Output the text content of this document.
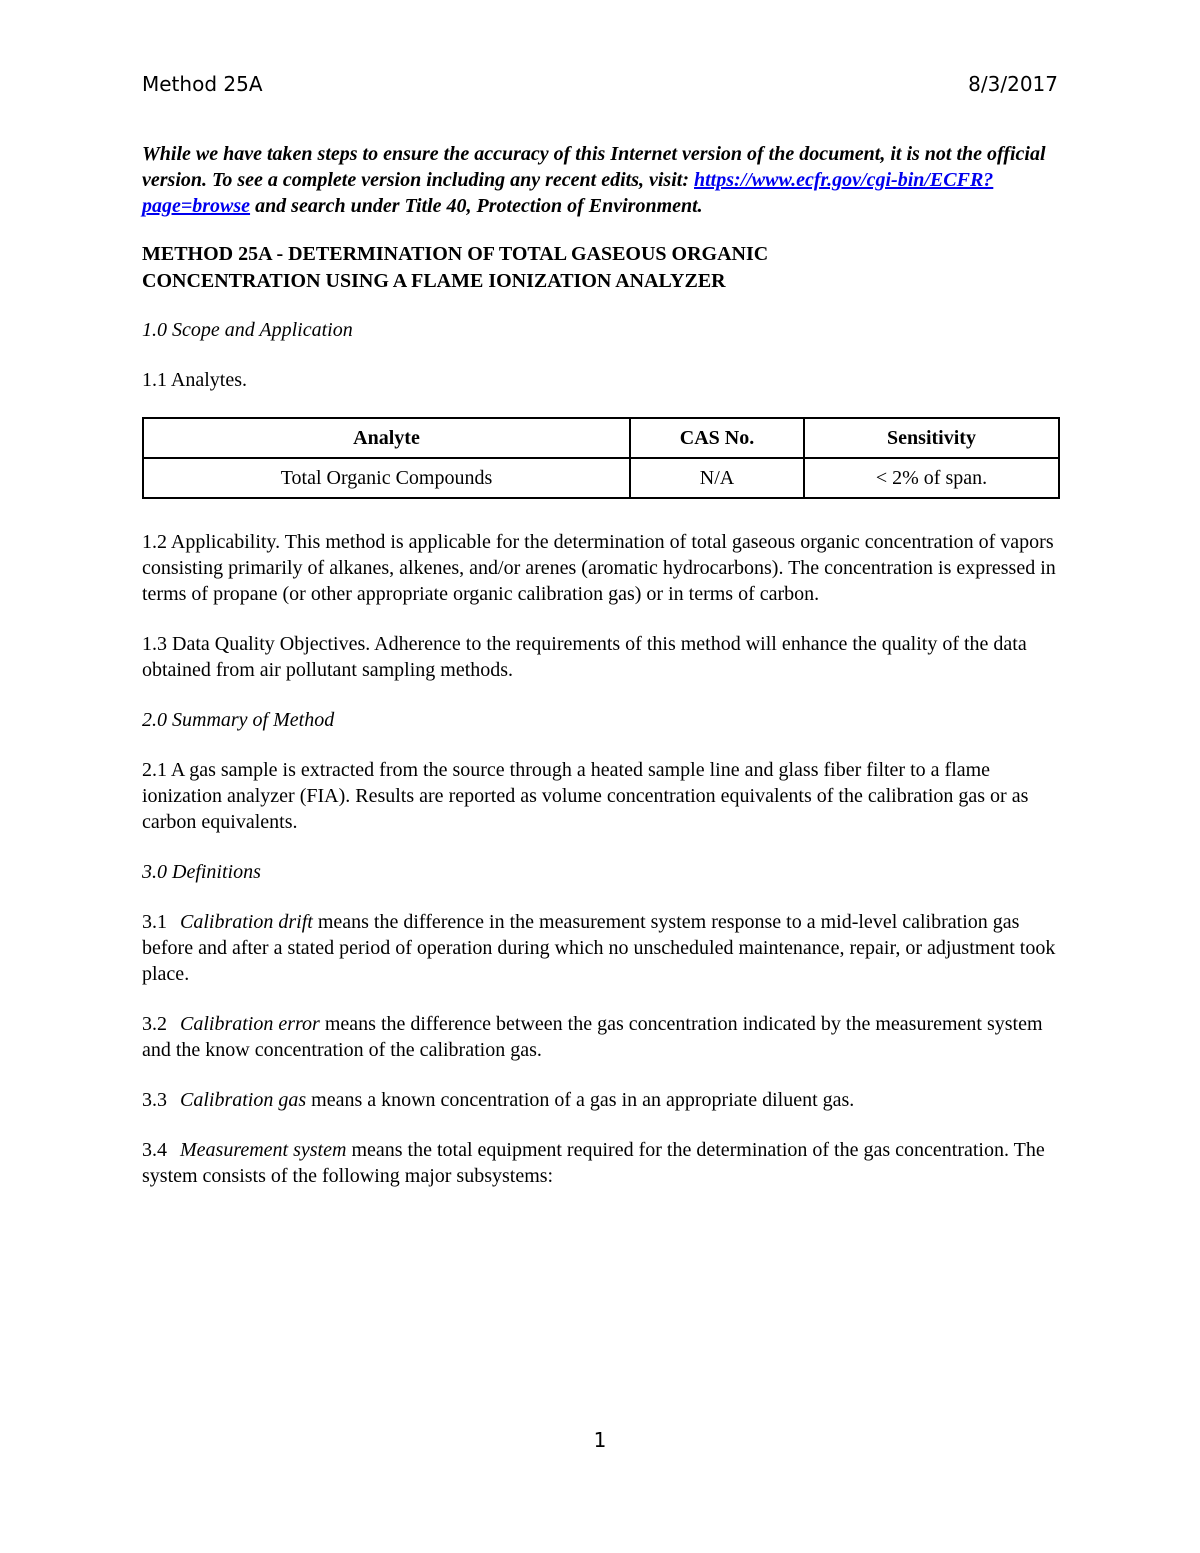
Method 25A	8/3/2017

While we have taken steps to ensure the accuracy of this Internet version of the document, it is not the official version. To see a complete version including any recent edits, visit: https://www.ecfr.gov/cgi-bin/ECFR?page=browse and search under Title 40, Protection of Environment.

METHOD 25A - DETERMINATION OF TOTAL GASEOUS ORGANIC
CONCENTRATION USING A FLAME IONIZATION ANALYZER

1.0 Scope and Application

1.1 Analytes.

Analyte	CAS No.	Sensitivity
Total Organic Compounds	N/A	< 2% of span.

1.2 Applicability. This method is applicable for the determination of total gaseous organic concentration of vapors consisting primarily of alkanes, alkenes, and/or arenes (aromatic hydrocarbons). The concentration is expressed in terms of propane (or other appropriate organic calibration gas) or in terms of carbon.

1.3 Data Quality Objectives. Adherence to the requirements of this method will enhance the quality of the data obtained from air pollutant sampling methods.

2.0 Summary of Method

2.1 A gas sample is extracted from the source through a heated sample line and glass fiber filter to a flame ionization analyzer (FIA). Results are reported as volume concentration equivalents of the calibration gas or as carbon equivalents.

3.0 Definitions

3.1 Calibration drift means the difference in the measurement system response to a mid-level calibration gas before and after a stated period of operation during which no unscheduled maintenance, repair, or adjustment took place.

3.2 Calibration error means the difference between the gas concentration indicated by the measurement system and the know concentration of the calibration gas.

3.3 Calibration gas means a known concentration of a gas in an appropriate diluent gas.

3.4 Measurement system means the total equipment required for the determination of the gas concentration. The system consists of the following major subsystems:

1
